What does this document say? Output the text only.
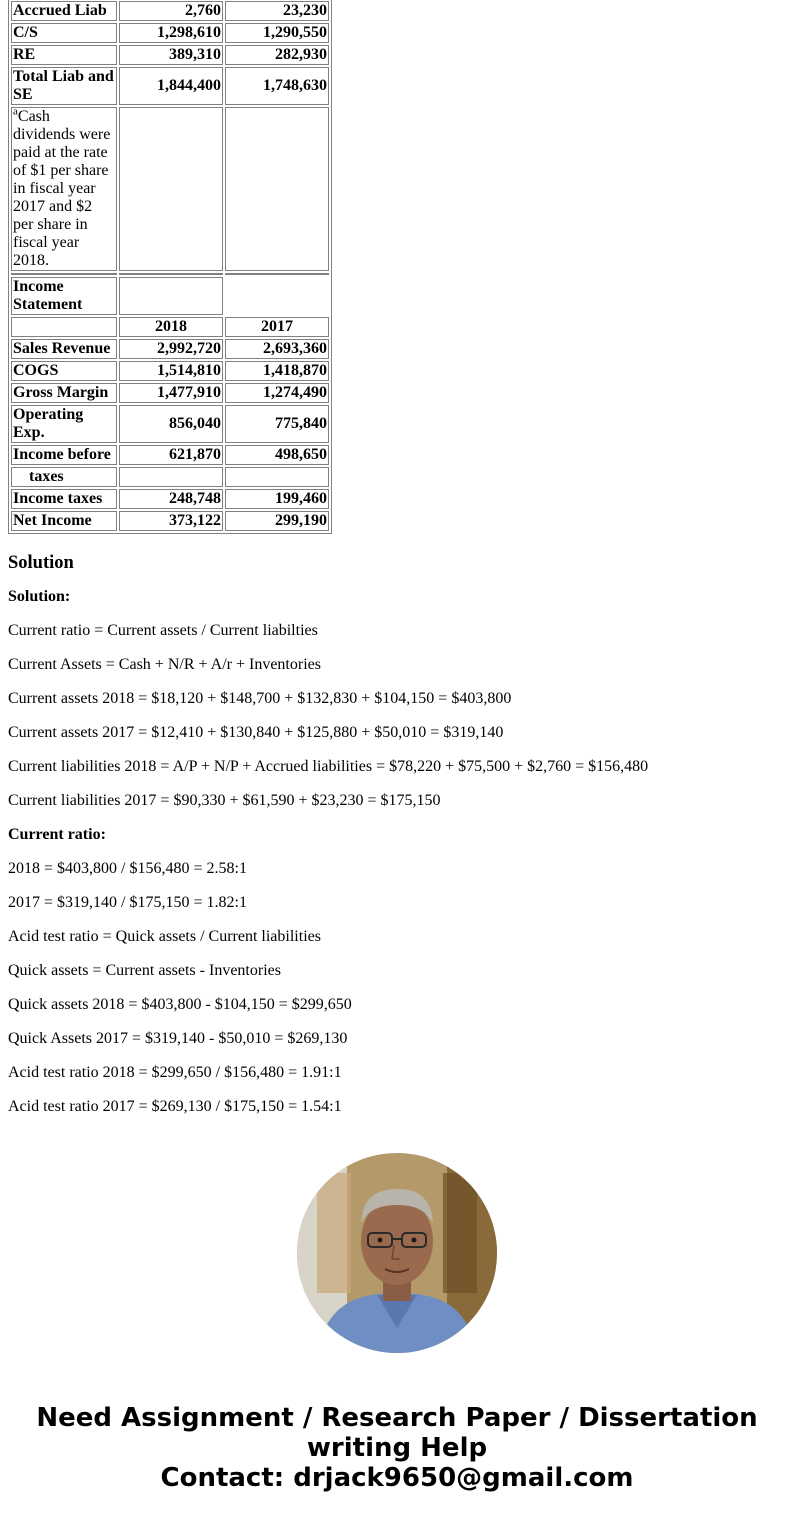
Accrued Liab	2,760	23,230
C/S	1,298,610	1,290,550
RE	389,310	282,930
Total Liab and SE	1,844,400	1,748,630
$^a$Cash dividends were paid at the rate of $1 per share in fiscal year 2017 and $2 per share in fiscal year 2018.		

Income Statement		
	2018	2017
Sales Revenue	2,992,720	2,693,360
COGS	1,514,810	1,418,870
Gross Margin	1,477,910	1,274,490
Operating Exp.	856,040	775,840
Income before	621,870	498,650
taxes		
Income taxes	248,748	199,460
Net Income	373,122	299,190
Solution

Solution:

Current ratio = Current assets / Current liabilties

Current Assets = Cash + N/R + A/r + Inventories

Current assets 2018 = $18,120 + $148,700 + $132,830 + $104,150 = $403,800

Current assets 2017 = $12,410 + $130,840 + $125,880 + $50,010 = $319,140

Current liabilities 2018 = A/P + N/P + Accrued liabilities = $78,220 + $75,500 + $2,760 = $156,480

Current liabilities 2017 = $90,330 + $61,590 + $23,230 = $175,150

Current ratio:

2018 = $403,800 / $156,480 = 2.58:1

2017 = $319,140 / $175,150 = 1.82:1

Acid test ratio = Quick assets / Current liabilities

Quick assets = Current assets - Inventories

Quick assets 2018 = $403,800 - $104,150 = $299,650

Quick Assets 2017 = $319,140 - $50,010 = $269,130

Acid test ratio 2018 = $299,650 / $156,480 = 1.91:1

Acid test ratio 2017 = $269,130 / $175,150 = 1.54:1

Need Assignment / Research Paper / Dissertation
writing Help
Contact: drjack9650@gmail.com
